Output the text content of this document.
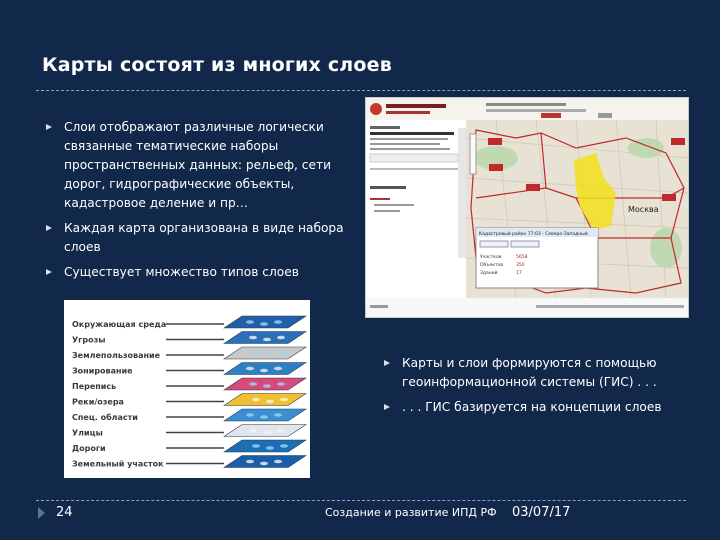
Карты состоят из многих слоев
Слои отображают различные логически связанные тематические наборы пространственных данных: рельеф, сети дорог, гидрографические объекты, кадастровое деление и пр…
Каждая карта организована в виде набора слоев
Существует множество типов слоев
Москва
Кадастровый район 77:03 - Северо-Западный
Участков	5658
Объектов	350
Зданий	17
Окружающая среда
Угрозы
Землепользование
Зонирование
Перепись
Реки/озера
Спец. области
Улицы
Дороги
Земельный участок
Карты и слои формируются с помощью геоинформационной системы (ГИС) . . .
. . . ГИС базируется на концепции слоев
24	Создание и развитие ИПД РФ 03/07/17
